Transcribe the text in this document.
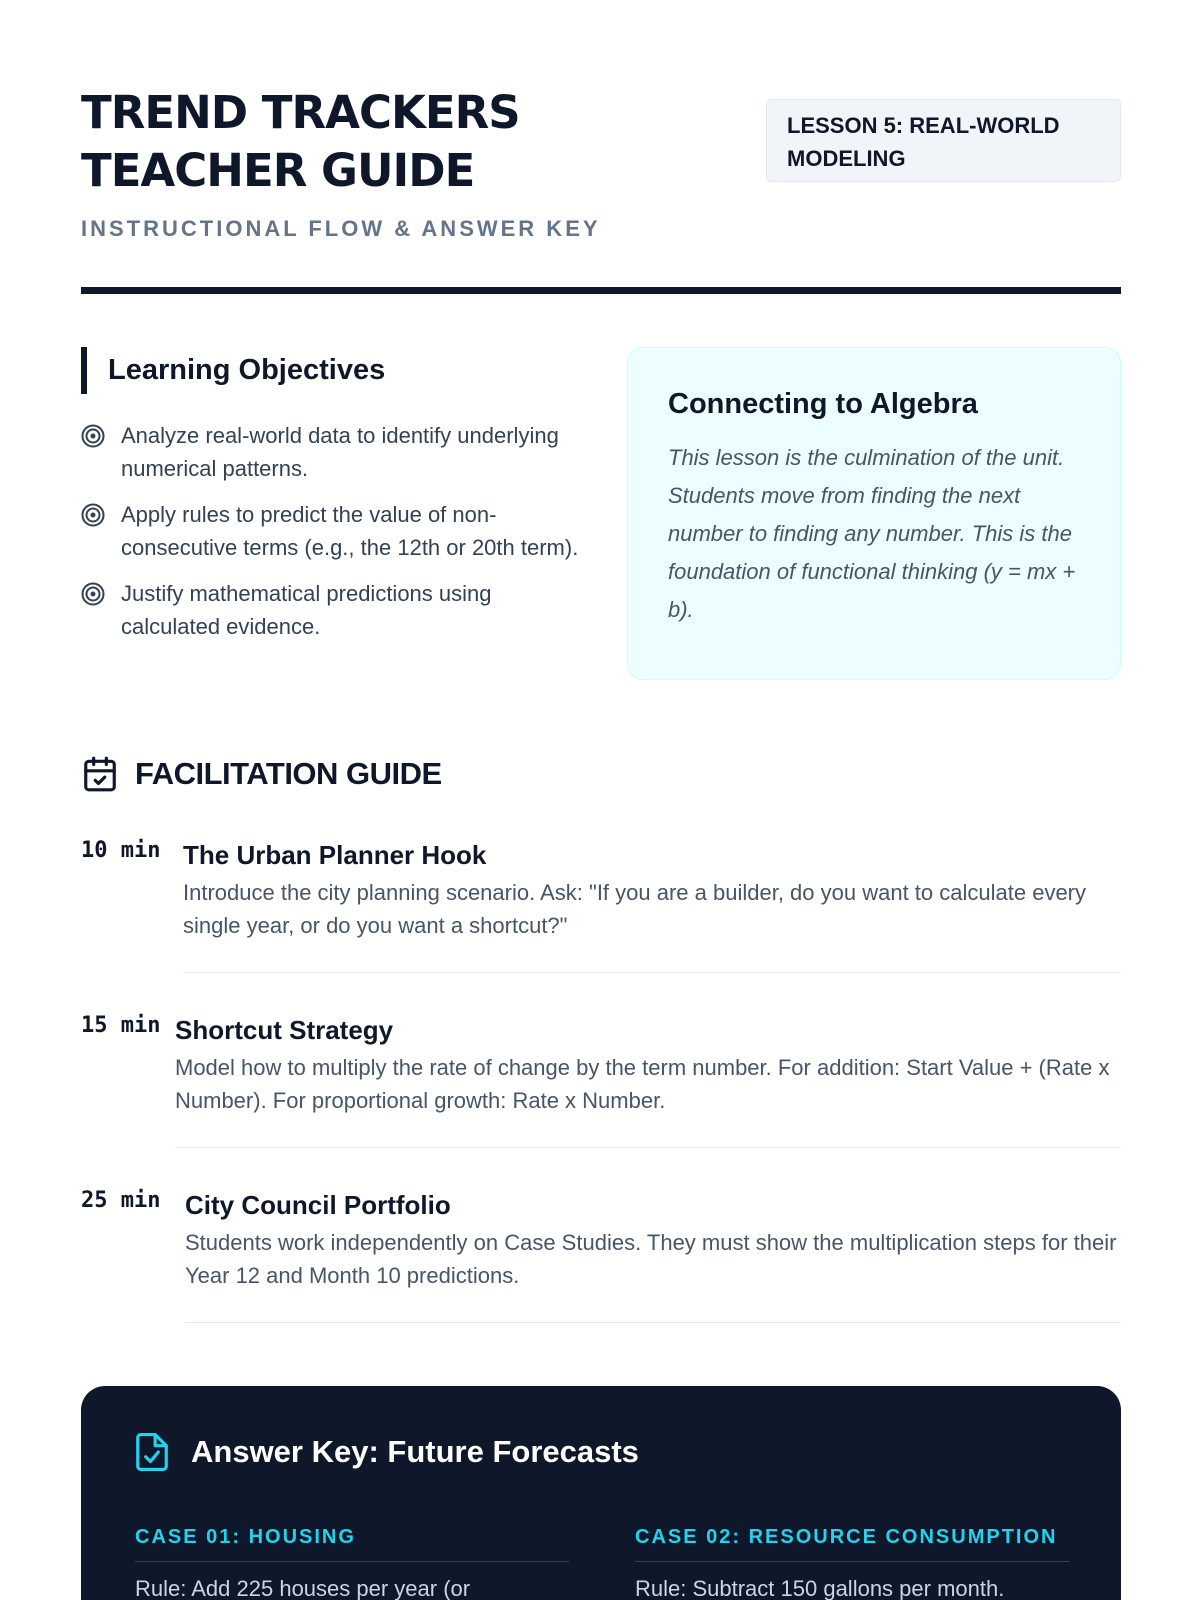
TREND TRACKERS
TEACHER GUIDE
INSTRUCTIONAL FLOW & ANSWER KEY
LESSON 5: REAL-WORLD MODELING
Learning Objectives
Analyze real-world data to identify underlying numerical patterns.
Apply rules to predict the value of non-consecutive terms (e.g., the 12th or 20th term).
Justify mathematical predictions using calculated evidence.
Connecting to Algebra

This lesson is the culmination of the unit. Students move from finding the next number to finding any number. This is the foundation of functional thinking (y = mx + b).

FACILITATION GUIDE
10 min The Urban Planner Hook
Introduce the city planning scenario. Ask: "If you are a builder, do you want to calculate every single year, or do you want a shortcut?"
15 min Shortcut Strategy
Model how to multiply the rate of change by the term number. For addition: Start Value + (Rate x Number). For proportional growth: Rate x Number.
25 min City Council Portfolio
Students work independently on Case Studies. They must show the multiplication steps for their Year 12 and Month 10 predictions.
Answer Key: Future Forecasts
CASE 01: HOUSING
Rule: Add 225 houses per year (or
CASE 02: RESOURCE CONSUMPTION
Rule: Subtract 150 gallons per month.
